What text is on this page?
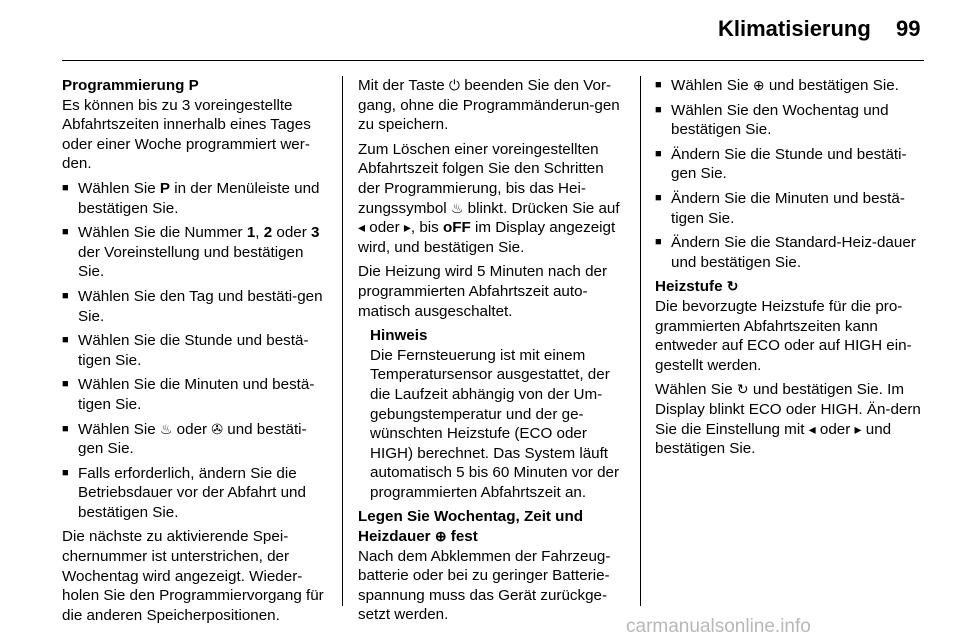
Klimatisierung 99

Programmierung P

Es können bis zu 3 voreingestellte Abfahrtszeiten innerhalb eines Tages oder einer Woche programmiert wer-den.

■ Wählen Sie P in der Menüleiste und bestätigen Sie.
■ Wählen Sie die Nummer 1, 2 oder 3 der Voreinstellung und bestätigen Sie.
■ Wählen Sie den Tag und bestäti-gen Sie.
■ Wählen Sie die Stunde und bestä-tigen Sie.
■ Wählen Sie die Minuten und bestä-tigen Sie.
■ Wählen Sie ♨ oder ✇ und bestäti-gen Sie.
■ Falls erforderlich, ändern Sie die Betriebsdauer vor der Abfahrt und bestätigen Sie.

Die nächste zu aktivierende Spei-chernummer ist unterstrichen, der Wochentag wird angezeigt. Wieder-holen Sie den Programmiervorgang für die anderen Speicherpositionen.

Mit der Taste ⏻ beenden Sie den Vor-gang, ohne die Programmänderun-gen zu speichern.

Zum Löschen einer voreingestellten Abfahrtszeit folgen Sie den Schritten der Programmierung, bis das Hei-zungssymbol ♨ blinkt. Drücken Sie auf ◂ oder ▸, bis oFF im Display angezeigt wird, und bestätigen Sie.

Die Heizung wird 5 Minuten nach der programmierten Abfahrtszeit auto-matisch ausgeschaltet.

Hinweis

Die Fernsteuerung ist mit einem Temperatursensor ausgestattet, der die Laufzeit abhängig von der Um-gebungstemperatur und der ge-wünschten Heizstufe (ECO oder HIGH) berechnet. Das System läuft automatisch 5 bis 60 Minuten vor der programmierten Abfahrtszeit an.

Legen Sie Wochentag, Zeit und Heizdauer ⊕ fest

Nach dem Abklemmen der Fahrzeug-batterie oder bei zu geringer Batterie-spannung muss das Gerät zurückge-setzt werden.

■ Wählen Sie ⊕ und bestätigen Sie.
■ Wählen Sie den Wochentag und bestätigen Sie.
■ Ändern Sie die Stunde und bestäti-gen Sie.
■ Ändern Sie die Minuten und bestä-tigen Sie.
■ Ändern Sie die Standard-Heiz-dauer und bestätigen Sie.

Heizstufe ↻

Die bevorzugte Heizstufe für die pro-grammierten Abfahrtszeiten kann entweder auf ECO oder auf HIGH ein-gestellt werden.

Wählen Sie ↻ und bestätigen Sie. Im Display blinkt ECO oder HIGH. Än-dern Sie die Einstellung mit ◂ oder ▸ und bestätigen Sie.

carmanualsonline.info
